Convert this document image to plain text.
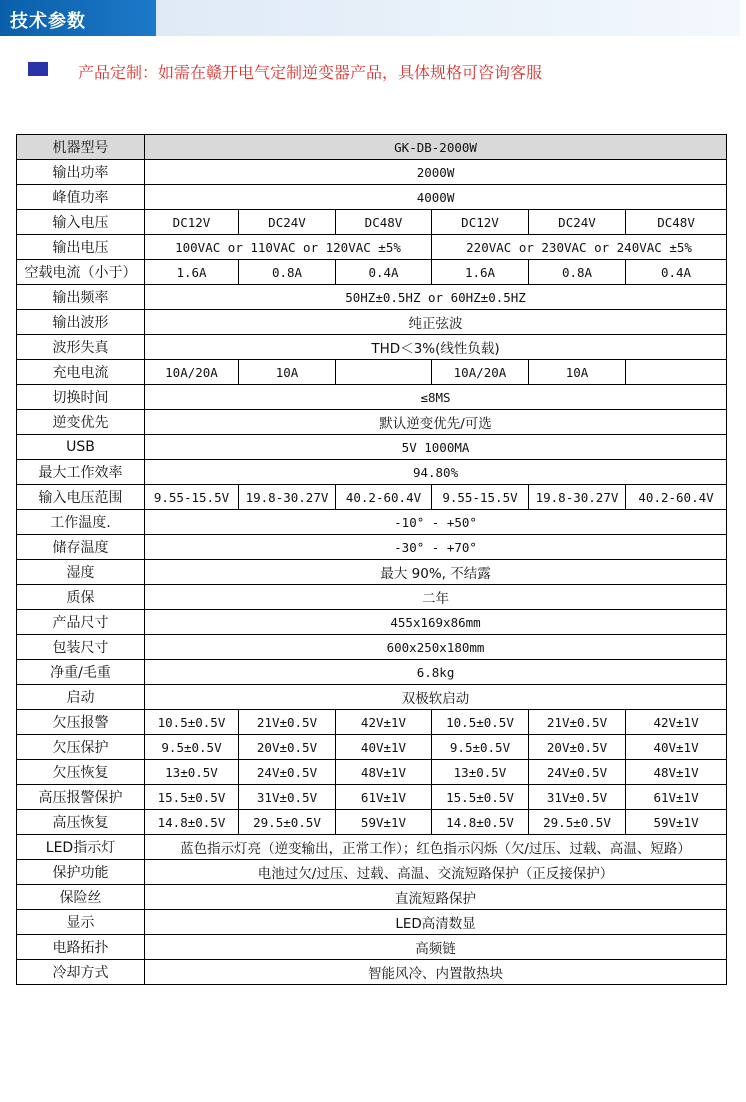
技术参数
产品定制：如需在赣开电气定制逆变器产品，具体规格可咨询客服
机器型号	GK-DB-2000W					
输出功率	2000W					
峰值功率	4000W					
输入电压	DC12V	DC24V	DC48V	DC12V	DC24V	DC48V
输出电压	100VAC or 110VAC or 120VAC ±5%			220VAC or 230VAC or 240VAC ±5%		
空载电流（小于）	1.6A	0.8A	0.4A	1.6A	0.8A	0.4A
输出频率	50HZ±0.5HZ or 60HZ±0.5HZ					
输出波形	纯正弦波					
波形失真	THD＜3%(线性负载)					
充电电流	10A/20A	10A		10A/20A	10A	
切换时间	≤8MS					
逆变优先	默认逆变优先/可选					
USB	5V 1000MA					
最大工作效率	94.80%					
输入电压范围	9.55-15.5V	19.8-30.27V	40.2-60.4V	9.55-15.5V	19.8-30.27V	40.2-60.4V
工作温度.	-10° - +50°					
储存温度	-30° - +70°					
湿度	最大 90%, 不结露					
质保	二年					
产品尺寸	455x169x86mm					
包装尺寸	600x250x180mm					
净重/毛重	6.8kg					
启动	双极软启动					
欠压报警	10.5±0.5V	21V±0.5V	42V±1V	10.5±0.5V	21V±0.5V	42V±1V
欠压保护	9.5±0.5V	20V±0.5V	40V±1V	9.5±0.5V	20V±0.5V	40V±1V
欠压恢复	13±0.5V	24V±0.5V	48V±1V	13±0.5V	24V±0.5V	48V±1V
高压报警保护	15.5±0.5V	31V±0.5V	61V±1V	15.5±0.5V	31V±0.5V	61V±1V
高压恢复	14.8±0.5V	29.5±0.5V	59V±1V	14.8±0.5V	29.5±0.5V	59V±1V
LED指示灯	蓝色指示灯亮（逆变输出，正常工作）；红色指示闪烁（欠/过压、过载、高温、短路）					
保护功能	电池过欠/过压、过载、高温、交流短路保护（正反接保护）					
保险丝	直流短路保护					
显示	LED高清数显					
电路拓扑	高频链					
冷却方式	智能风冷、内置散热块					
